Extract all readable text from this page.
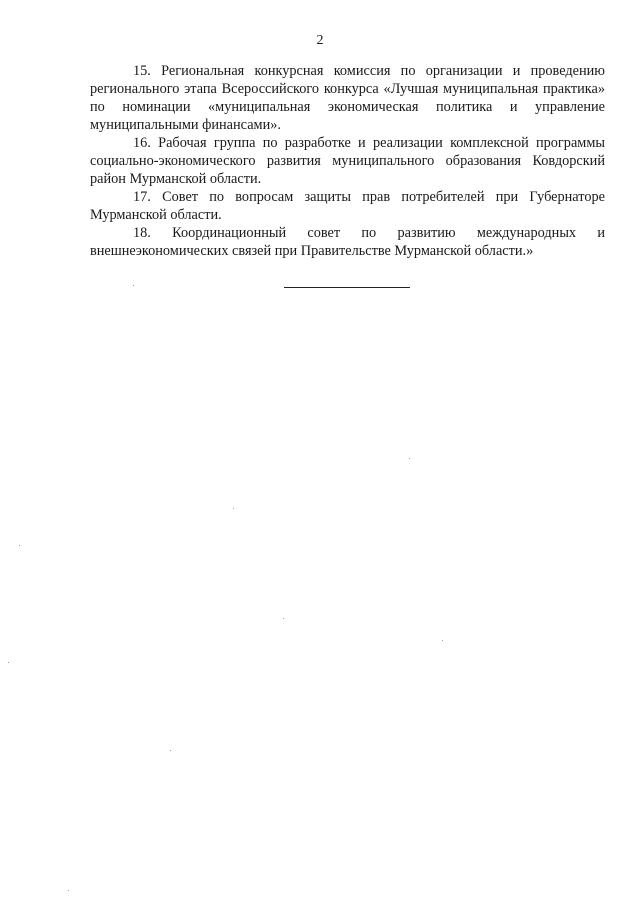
2

15. Региональная конкурсная комиссия по организации и проведению регионального этапа Всероссийского конкурса «Лучшая муниципальная практика» по номинации «муниципальная экономическая политика и управление муниципальными финансами».

16. Рабочая группа по разработке и реализации комплексной программы социально-экономического развития муниципального образования Ковдорский район Мурманской области.

17. Совет по вопросам защиты прав потребителей при Губернаторе Мурманской области.

18. Координационный совет по развитию международных и внешнеэкономических связей при Правительстве Мурманской области.»
